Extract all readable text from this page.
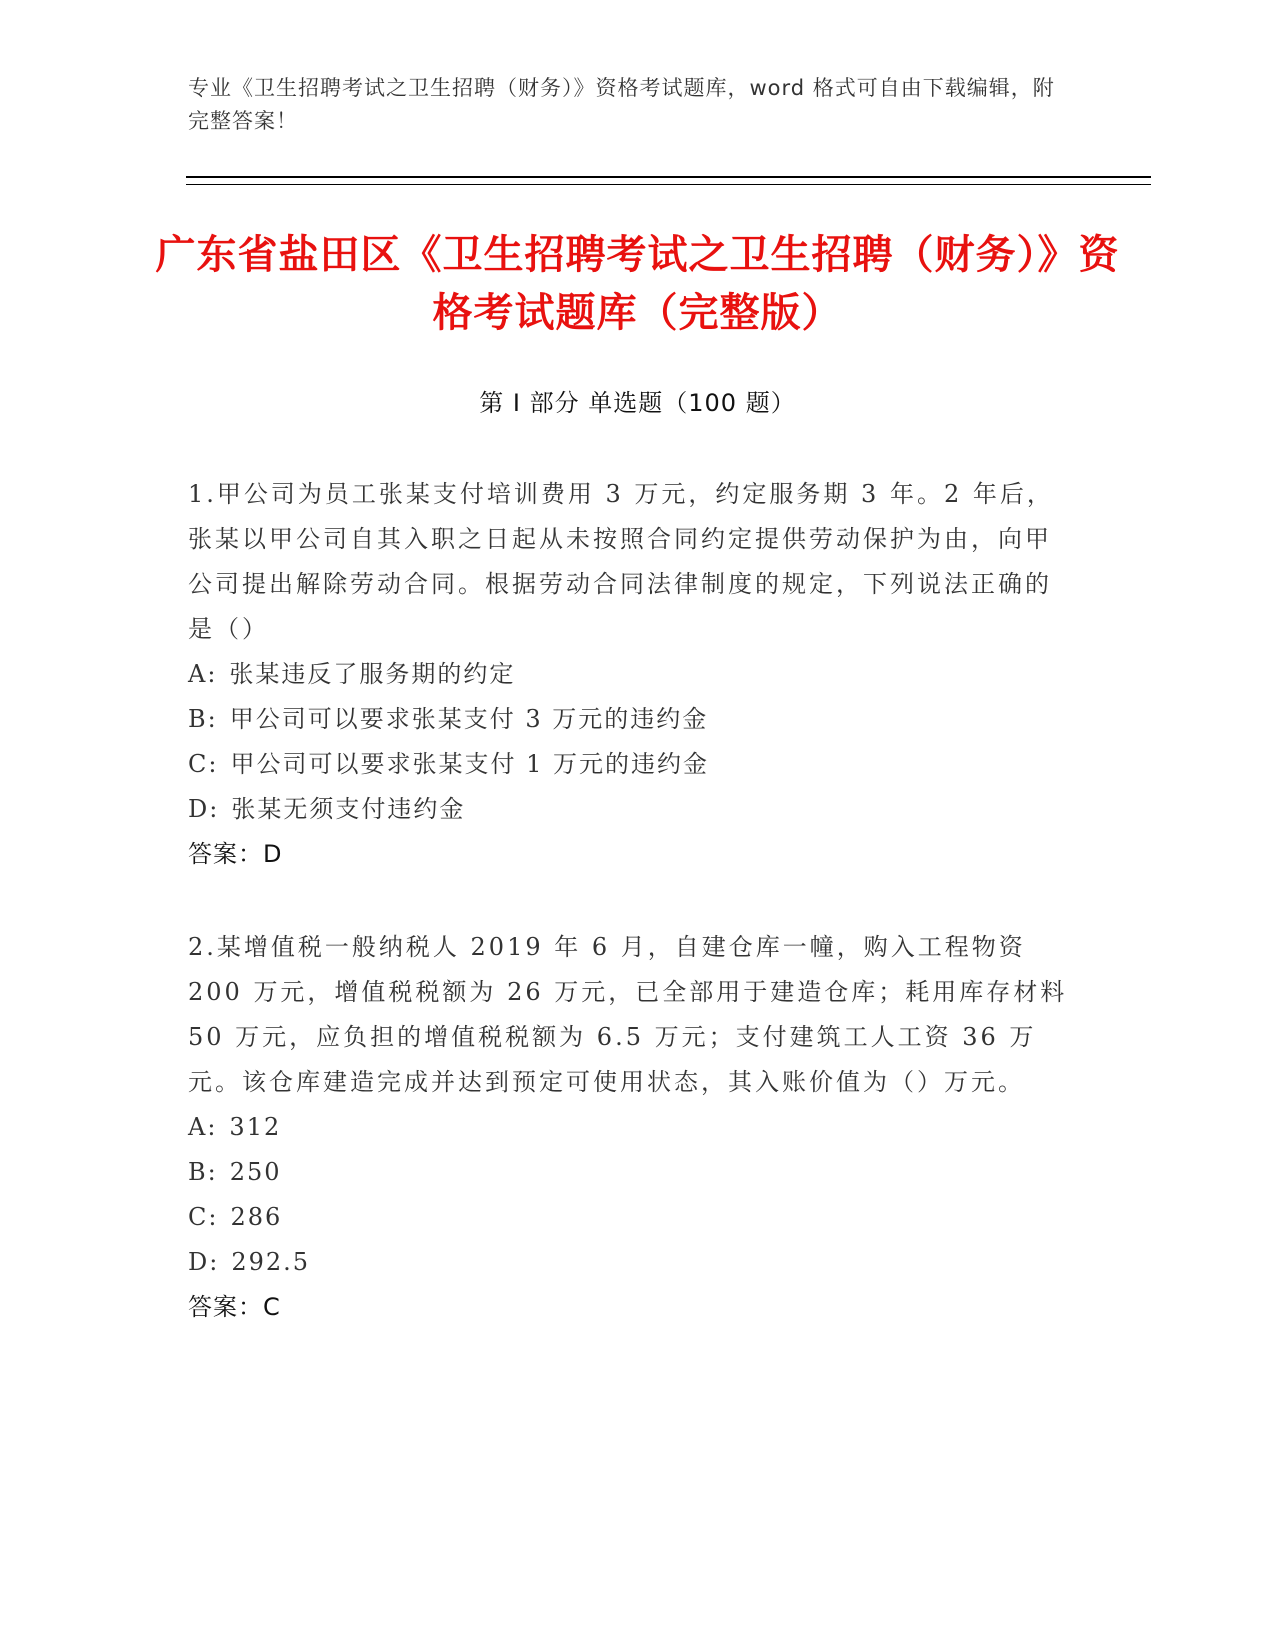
专业《卫生招聘考试之卫生招聘（财务）》资格考试题库，word 格式可自由下载编辑，附完整答案！
广东省盐田区《卫生招聘考试之卫生招聘（财务）》资格考试题库（完整版）
第 I 部分 单选题（100 题）
1.甲公司为员工张某支付培训费用 3 万元，约定服务期 3 年。2 年后，张某以甲公司自其入职之日起从未按照合同约定提供劳动保护为由，向甲公司提出解除劳动合同。根据劳动合同法律制度的规定，下列说法正确的是（）
A: 张某违反了服务期的约定
B: 甲公司可以要求张某支付 3 万元的违约金
C: 甲公司可以要求张某支付 1 万元的违约金
D: 张某无须支付违约金
答案：D
2.某增值税一般纳税人 2019 年 6 月，自建仓库一幢，购入工程物资 200 万元，增值税税额为 26 万元，已全部用于建造仓库；耗用库存材料 50 万元，应负担的增值税税额为 6.5 万元；支付建筑工人工资 36 万元。该仓库建造完成并达到预定可使用状态，其入账价值为（）万元。
A: 312
B: 250
C: 286
D: 292.5
答案：C
